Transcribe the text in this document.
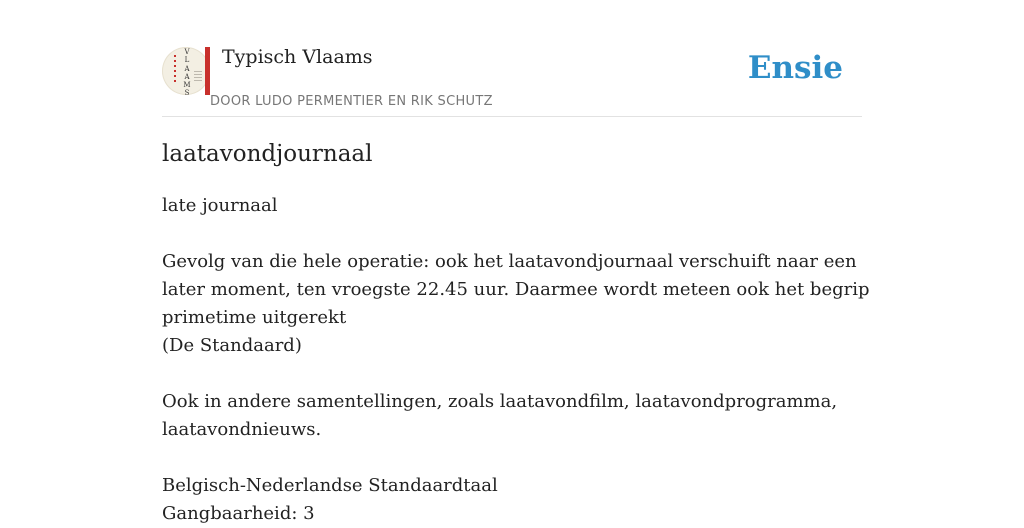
V
L
A
A
M
S
Typisch Vlaams
DOOR LUDO PERMENTIER EN RIK SCHUTZ
Ensie
laatavondjournaal

late journaal

Gevolg van die hele operatie: ook het laatavondjournaal verschuift naar een later moment, ten vroegste 22.45 uur. Daarmee wordt meteen ook het begrip primetime uitgerekt

(De Standaard)

Ook in andere samentellingen, zoals laatavondfilm, laatavondprogramma, laatavondnieuws.

Belgisch-Nederlandse Standaardtaal

Gangbaarheid: 3
